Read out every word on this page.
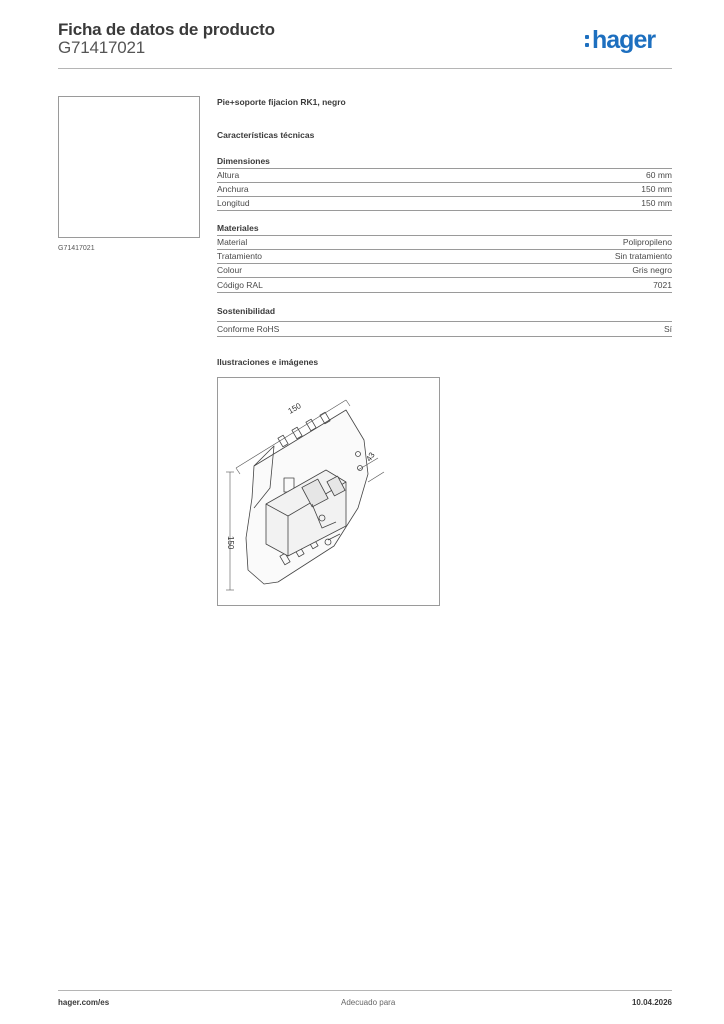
Ficha de datos de producto
G71417021	hager
G71417021
Pie+soporte fijacion RK1, negro
Características técnicas
Dimensiones
Altura	60 mm
Anchura	150 mm
Longitud	150 mm
Materiales
Material	Polipropileno
Tratamiento	Sin tratamiento
Colour	Gris negro
Código RAL	7021
Sostenibilidad
Conforme RoHS	Sí
Ilustraciones e imágenes
150
150
43
hager.com/es	Adecuado para	10.04.2026
